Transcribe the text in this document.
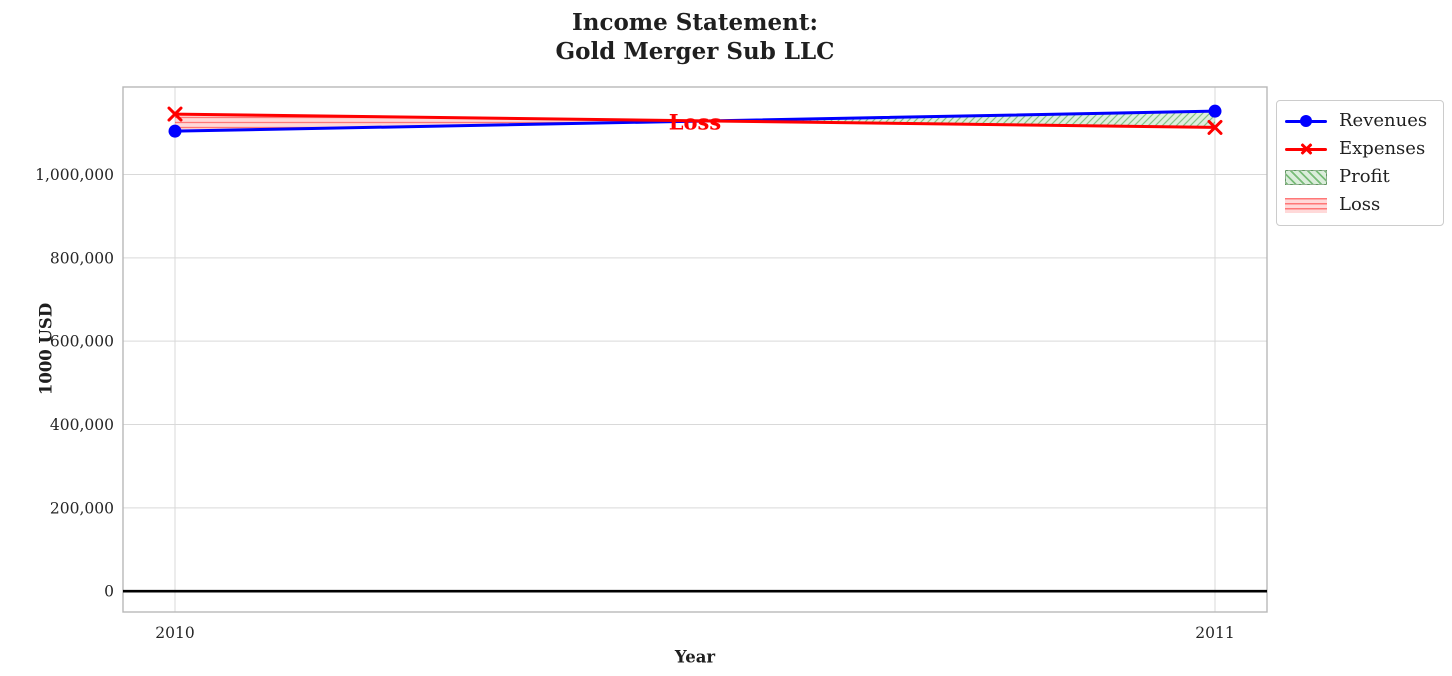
Income Statement:
Gold Merger Sub LLC
0
200,000
400,000
600,000
800,000
1,000,000
2010	2011
Loss
Year
1000 USD
Revenues
Expenses
Profit
Loss
